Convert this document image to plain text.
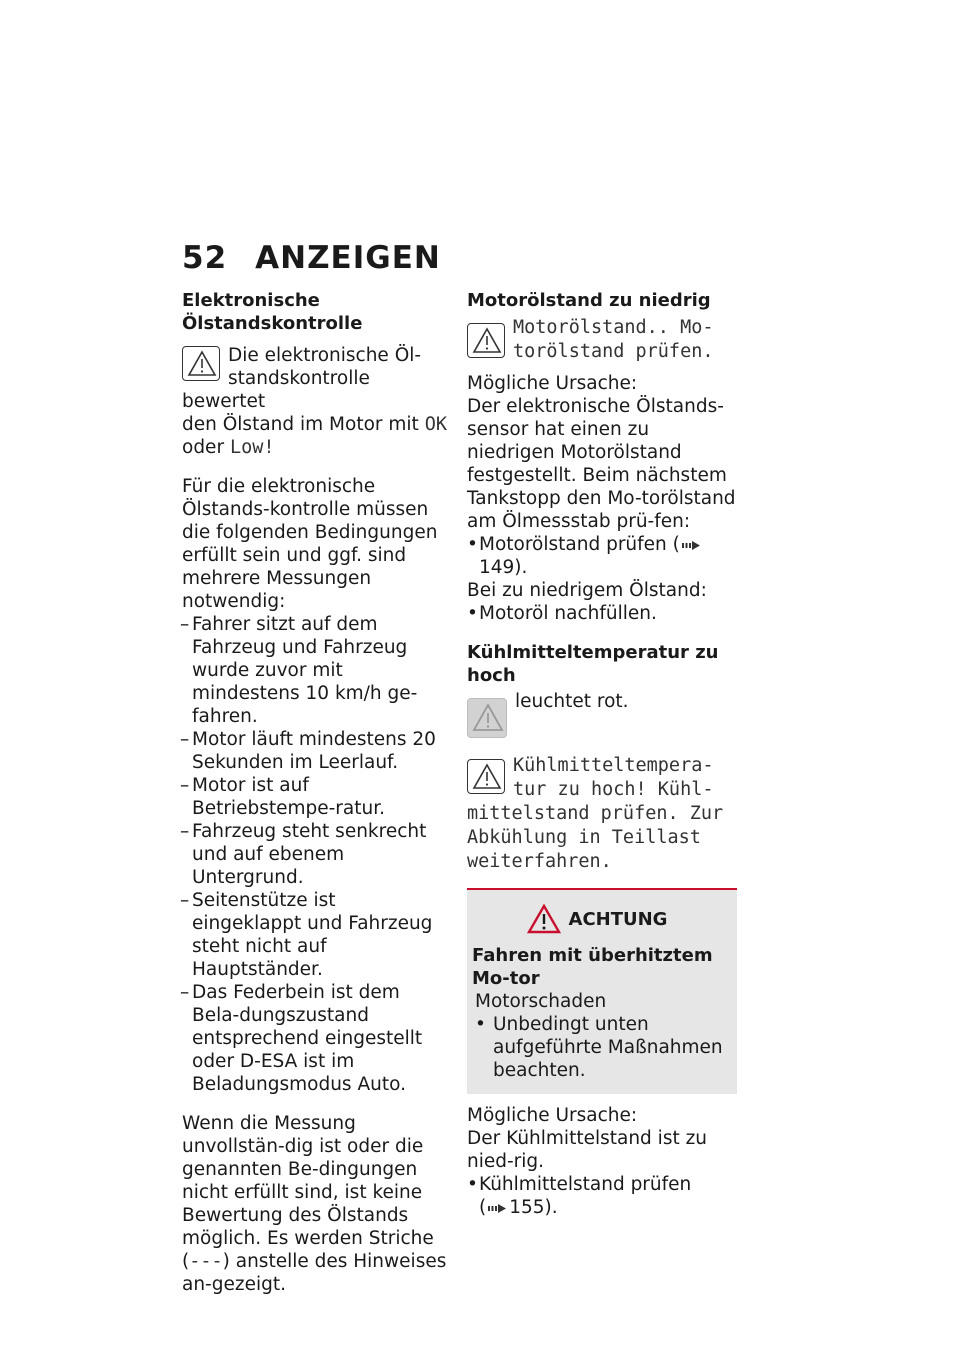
52 ANZEIGEN

Elektronische Ölstandskontrolle

Die elektronische Öl-

standskontrolle bewertet

den Ölstand im Motor mit OK

oder Low!

Für die elektronische Ölstands-kontrolle müssen die folgenden Bedingungen erfüllt sein und ggf. sind mehrere Messungen notwendig:

– Fahrer sitzt auf dem Fahrzeug und Fahrzeug wurde zuvor mit mindestens 10 km/h ge-fahren.
– Motor läuft mindestens 20 Sekunden im Leerlauf.
– Motor ist auf Betriebstempe-ratur.
– Fahrzeug steht senkrecht und auf ebenem Untergrund.
– Seitenstütze ist eingeklappt und Fahrzeug steht nicht auf Hauptständer.
– Das Federbein ist dem Bela-dungszustand entsprechend eingestellt oder D-ESA ist im Beladungsmodus Auto.

Wenn die Messung unvollstän-dig ist oder die genannten Be-dingungen nicht erfüllt sind, ist keine Bewertung des Ölstands möglich. Es werden Striche (---) anstelle des Hinweises an-gezeigt.

Motorölstand zu niedrig

Motorölstand.. Mo-
torölstand prüfen.

Mögliche Ursache:

Der elektronische Ölstands-sensor hat einen zu niedrigen Motorölstand festgestellt. Beim nächstem Tankstopp den Mo-torölstand am Ölmessstab prü-fen:

• Motorölstand prüfen (149).

Bei zu niedrigem Ölstand:

• Motoröl nachfüllen.

Kühlmitteltemperatur zu hoch

leuchtet rot.

Kühlmitteltempera-
tur zu hoch! Kühl-
mittelstand prüfen. Zur
Abkühlung in Teillast
weiterfahren.
ACHTUNG

Fahren mit überhitztem Mo-tor

Motorschaden

• Unbedingt unten aufgeführte Maßnahmen beachten.

Mögliche Ursache:

Der Kühlmittelstand ist zu nied-rig.

• Kühlmittelstand prüfen
( 155).
